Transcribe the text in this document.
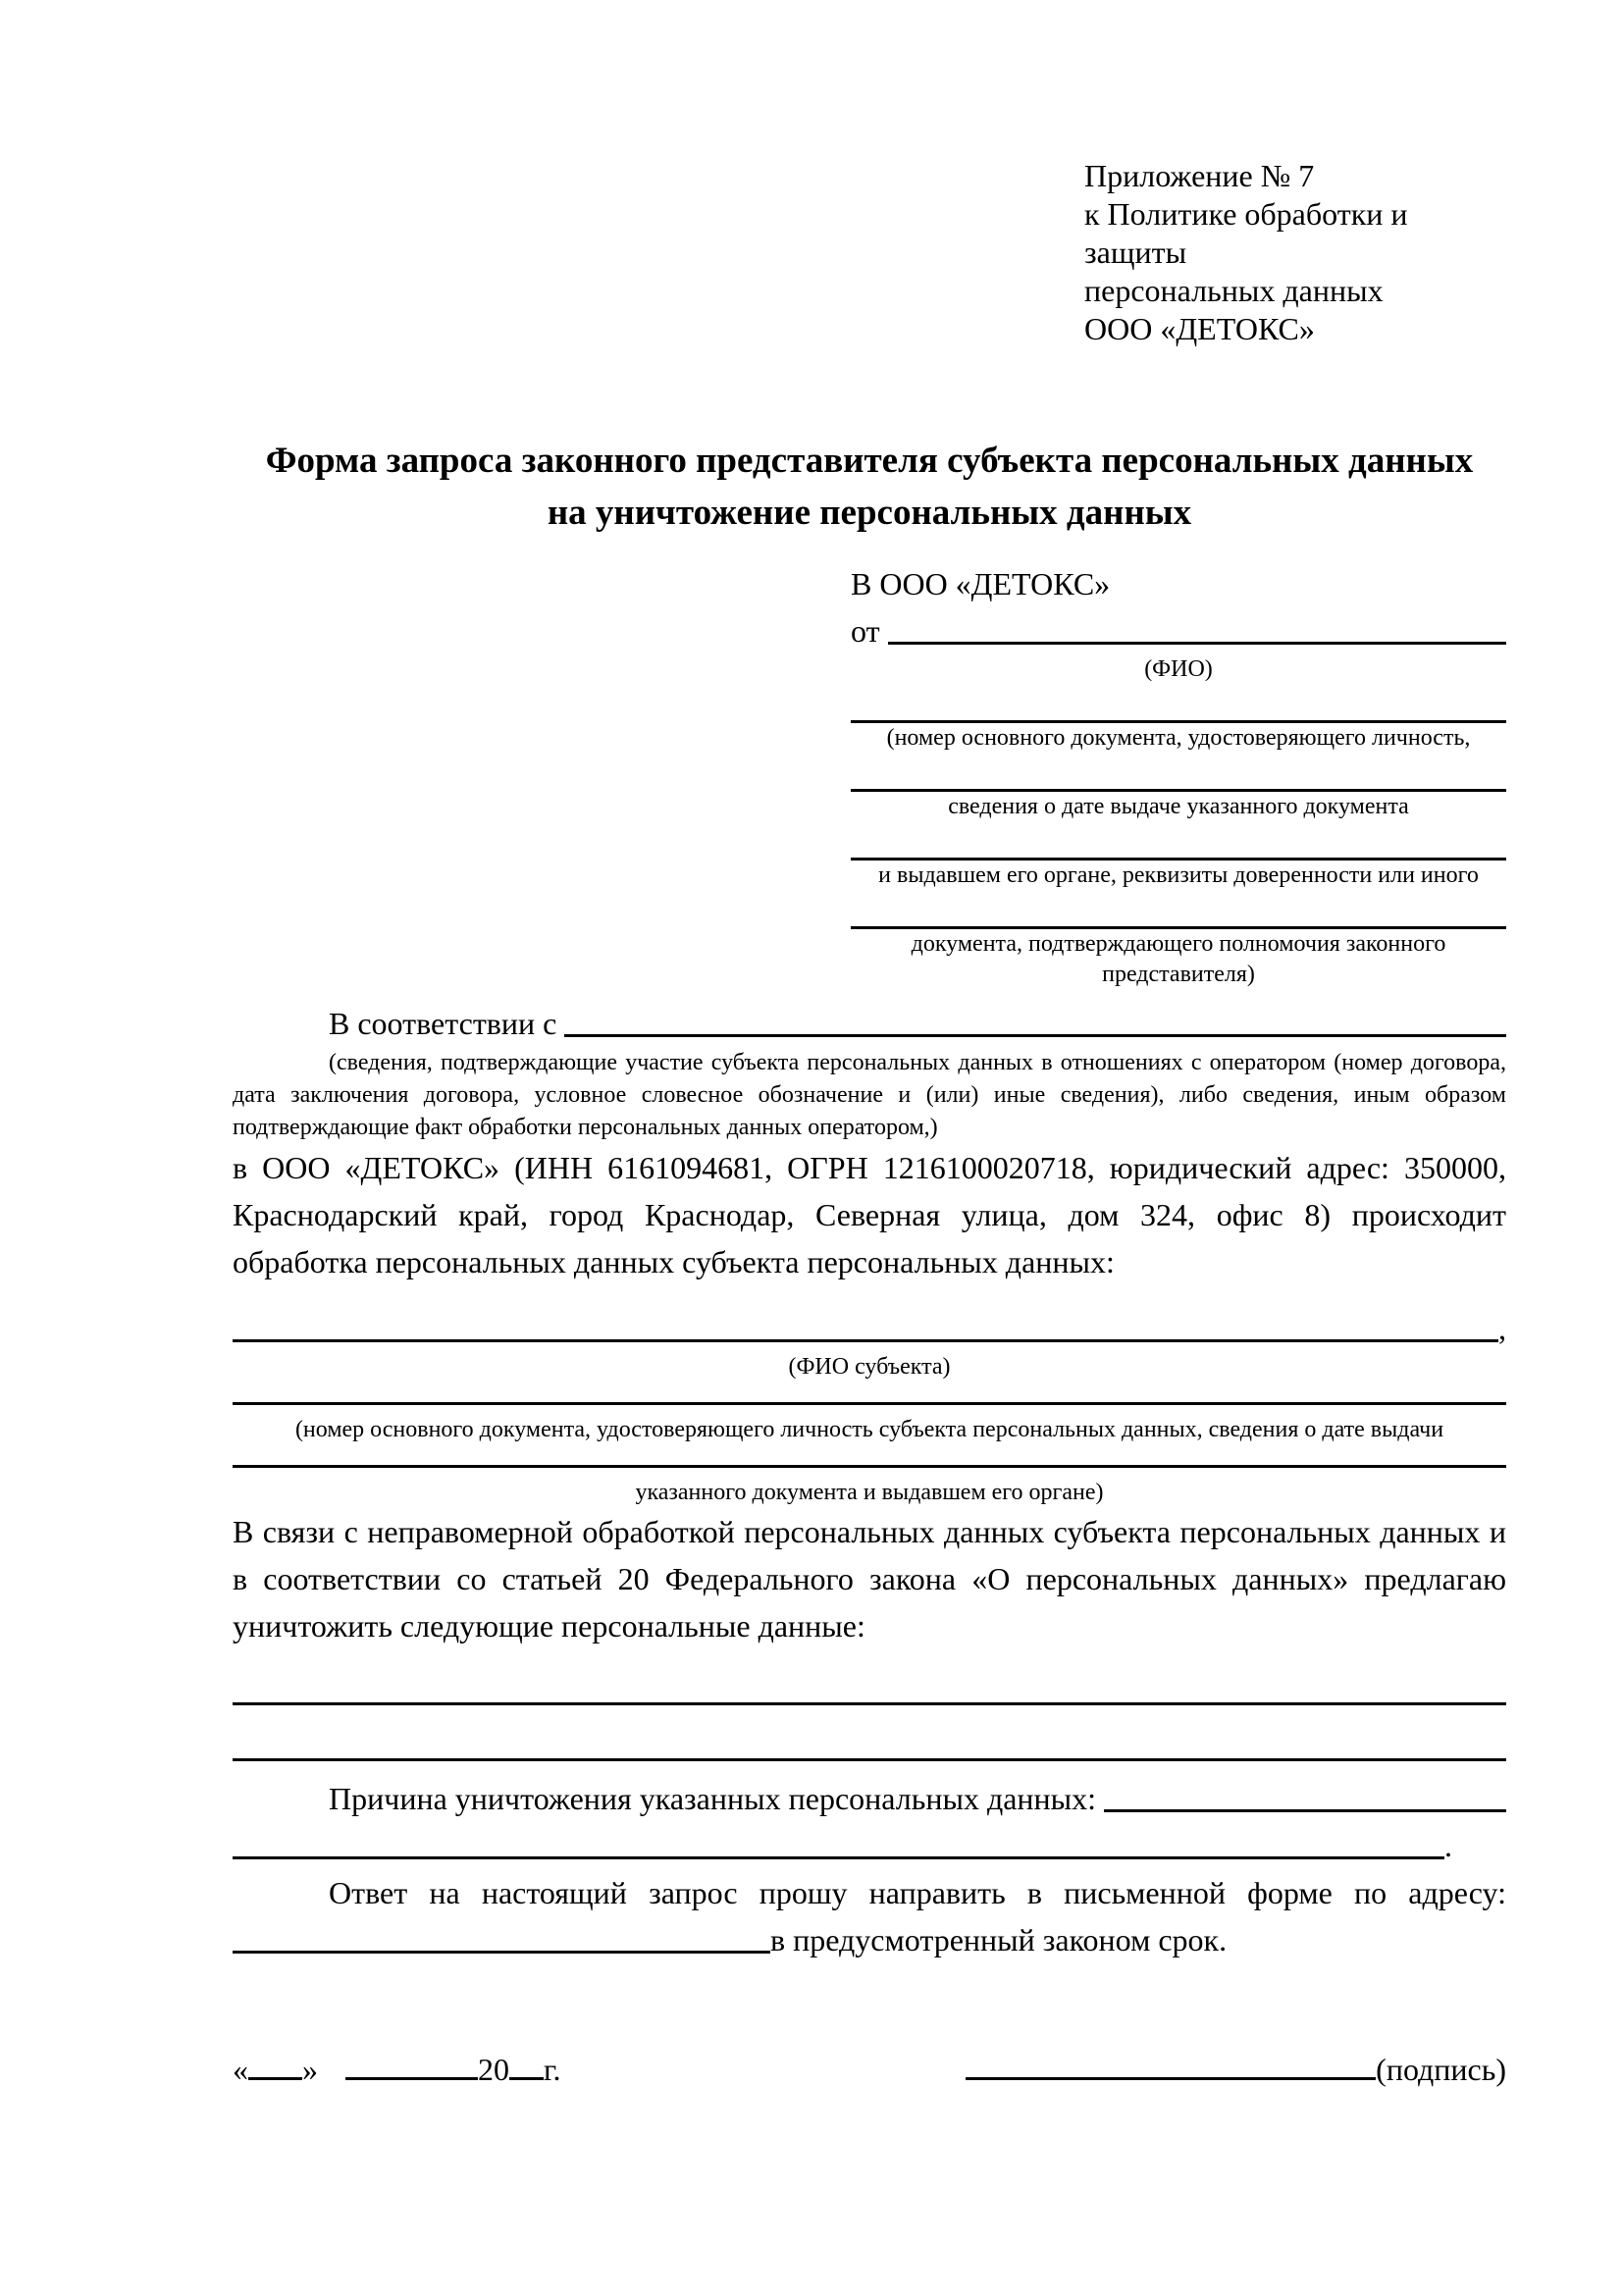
Приложение № 7
к Политике обработки и защиты
персональных данных
ООО «ДЕТОКС»
Форма запроса законного представителя субъекта персональных данных
на уничтожение персональных данных
В ООО «ДЕТОКС»
от
(ФИО)
(номер основного документа, удостоверяющего личность,
сведения о дате выдаче указанного документа
и выдавшем его органе, реквизиты доверенности или иного
документа, подтверждающего полномочия законного представителя)
В соответствии с
(сведения, подтверждающие участие субъекта персональных данных в отношениях с оператором (номер договора, дата заключения договора, условное словесное обозначение и (или) иные сведения), либо сведения, иным образом подтверждающие факт обработки персональных данных оператором,)
в ООО «ДЕТОКС» (ИНН 6161094681, ОГРН 1216100020718, юридический адрес: 350000, Краснодарский край, город Краснодар, Северная улица, дом 324, офис 8) происходит обработка персональных данных субъекта персональных данных:
,
(ФИО субъекта)
(номер основного документа, удостоверяющего личность субъекта персональных данных, сведения о дате выдачи
указанного документа и выдавшем его органе)
В связи с неправомерной обработкой персональных данных субъекта персональных данных и в соответствии со статьей 20 Федерального закона «О персональных данных» предлагаю уничтожить следующие персональные данные:
Причина уничтожения указанных персональных данных:
.
Ответ на настоящий запрос прошу направить в письменной форме по адресу:
в предусмотренный законом срок.
« »	20 г.	(подпись)
